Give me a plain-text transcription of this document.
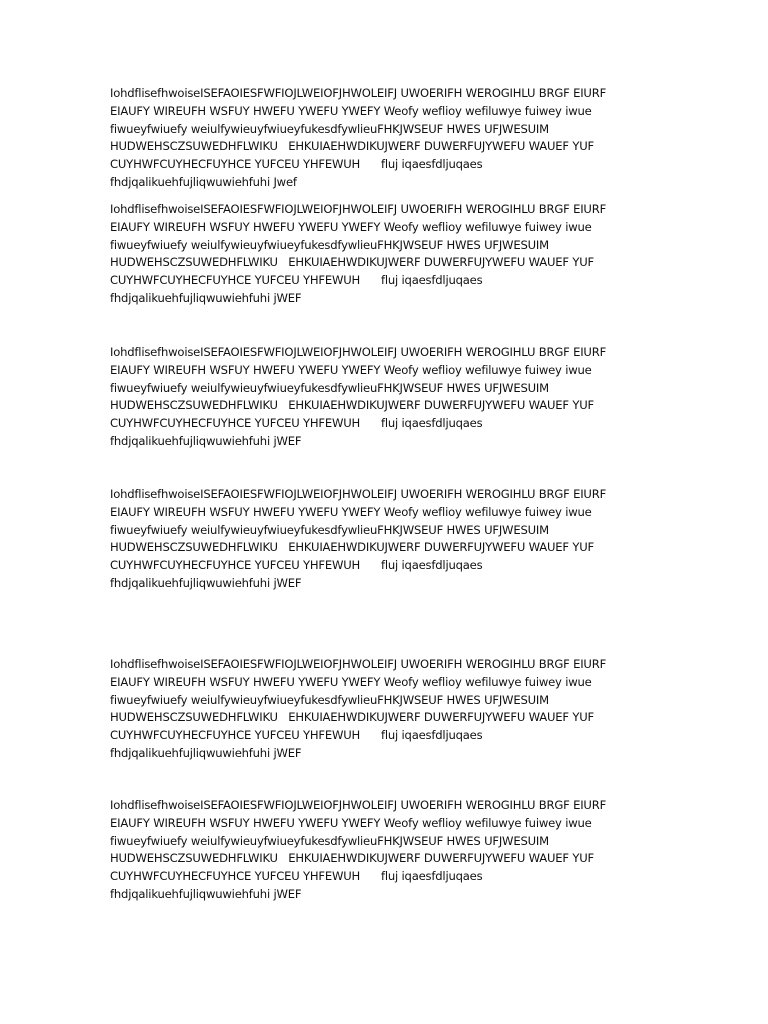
IohdflisefhwoiseISEFAOIESFWFIOJLWEIOFJHWOLEIFJ UWOERIFH WEROGIHLU BRGF EIURF
EIAUFY WIREUFH WSFUY HWEFU YWEFU YWEFY Weofy weflioy wefiluwye fuiwey iwue
fiwueyfwiuefy weiulfywieuyfwiueyfukesdfywlieuFHKJWSEUF HWES UFJWESUIM
HUDWEHSCZSUWEDHFLWIKU   EHKUIAEHWDIKUJWERF DUWERFUJYWEFU WAUEF YUF
CUYHWFCUYHECFUYHCE YUFCEU YHFEWUH      fluj iqaesfdljuqaes
fhdjqalikuehfujliqwuwiehfuhi Jwef
IohdflisefhwoiseISEFAOIESFWFIOJLWEIOFJHWOLEIFJ UWOERIFH WEROGIHLU BRGF EIURF
EIAUFY WIREUFH WSFUY HWEFU YWEFU YWEFY Weofy weflioy wefiluwye fuiwey iwue
fiwueyfwiuefy weiulfywieuyfwiueyfukesdfywlieuFHKJWSEUF HWES UFJWESUIM
HUDWEHSCZSUWEDHFLWIKU   EHKUIAEHWDIKUJWERF DUWERFUJYWEFU WAUEF YUF
CUYHWFCUYHECFUYHCE YUFCEU YHFEWUH      fluj iqaesfdljuqaes
fhdjqalikuehfujliqwuwiehfuhi jWEF
IohdflisefhwoiseISEFAOIESFWFIOJLWEIOFJHWOLEIFJ UWOERIFH WEROGIHLU BRGF EIURF
EIAUFY WIREUFH WSFUY HWEFU YWEFU YWEFY Weofy weflioy wefiluwye fuiwey iwue
fiwueyfwiuefy weiulfywieuyfwiueyfukesdfywlieuFHKJWSEUF HWES UFJWESUIM
HUDWEHSCZSUWEDHFLWIKU   EHKUIAEHWDIKUJWERF DUWERFUJYWEFU WAUEF YUF
CUYHWFCUYHECFUYHCE YUFCEU YHFEWUH      fluj iqaesfdljuqaes
fhdjqalikuehfujliqwuwiehfuhi jWEF
IohdflisefhwoiseISEFAOIESFWFIOJLWEIOFJHWOLEIFJ UWOERIFH WEROGIHLU BRGF EIURF
EIAUFY WIREUFH WSFUY HWEFU YWEFU YWEFY Weofy weflioy wefiluwye fuiwey iwue
fiwueyfwiuefy weiulfywieuyfwiueyfukesdfywlieuFHKJWSEUF HWES UFJWESUIM
HUDWEHSCZSUWEDHFLWIKU   EHKUIAEHWDIKUJWERF DUWERFUJYWEFU WAUEF YUF
CUYHWFCUYHECFUYHCE YUFCEU YHFEWUH      fluj iqaesfdljuqaes
fhdjqalikuehfujliqwuwiehfuhi jWEF
IohdflisefhwoiseISEFAOIESFWFIOJLWEIOFJHWOLEIFJ UWOERIFH WEROGIHLU BRGF EIURF
EIAUFY WIREUFH WSFUY HWEFU YWEFU YWEFY Weofy weflioy wefiluwye fuiwey iwue
fiwueyfwiuefy weiulfywieuyfwiueyfukesdfywlieuFHKJWSEUF HWES UFJWESUIM
HUDWEHSCZSUWEDHFLWIKU   EHKUIAEHWDIKUJWERF DUWERFUJYWEFU WAUEF YUF
CUYHWFCUYHECFUYHCE YUFCEU YHFEWUH      fluj iqaesfdljuqaes
fhdjqalikuehfujliqwuwiehfuhi jWEF
IohdflisefhwoiseISEFAOIESFWFIOJLWEIOFJHWOLEIFJ UWOERIFH WEROGIHLU BRGF EIURF
EIAUFY WIREUFH WSFUY HWEFU YWEFU YWEFY Weofy weflioy wefiluwye fuiwey iwue
fiwueyfwiuefy weiulfywieuyfwiueyfukesdfywlieuFHKJWSEUF HWES UFJWESUIM
HUDWEHSCZSUWEDHFLWIKU   EHKUIAEHWDIKUJWERF DUWERFUJYWEFU WAUEF YUF
CUYHWFCUYHECFUYHCE YUFCEU YHFEWUH      fluj iqaesfdljuqaes
fhdjqalikuehfujliqwuwiehfuhi jWEF
